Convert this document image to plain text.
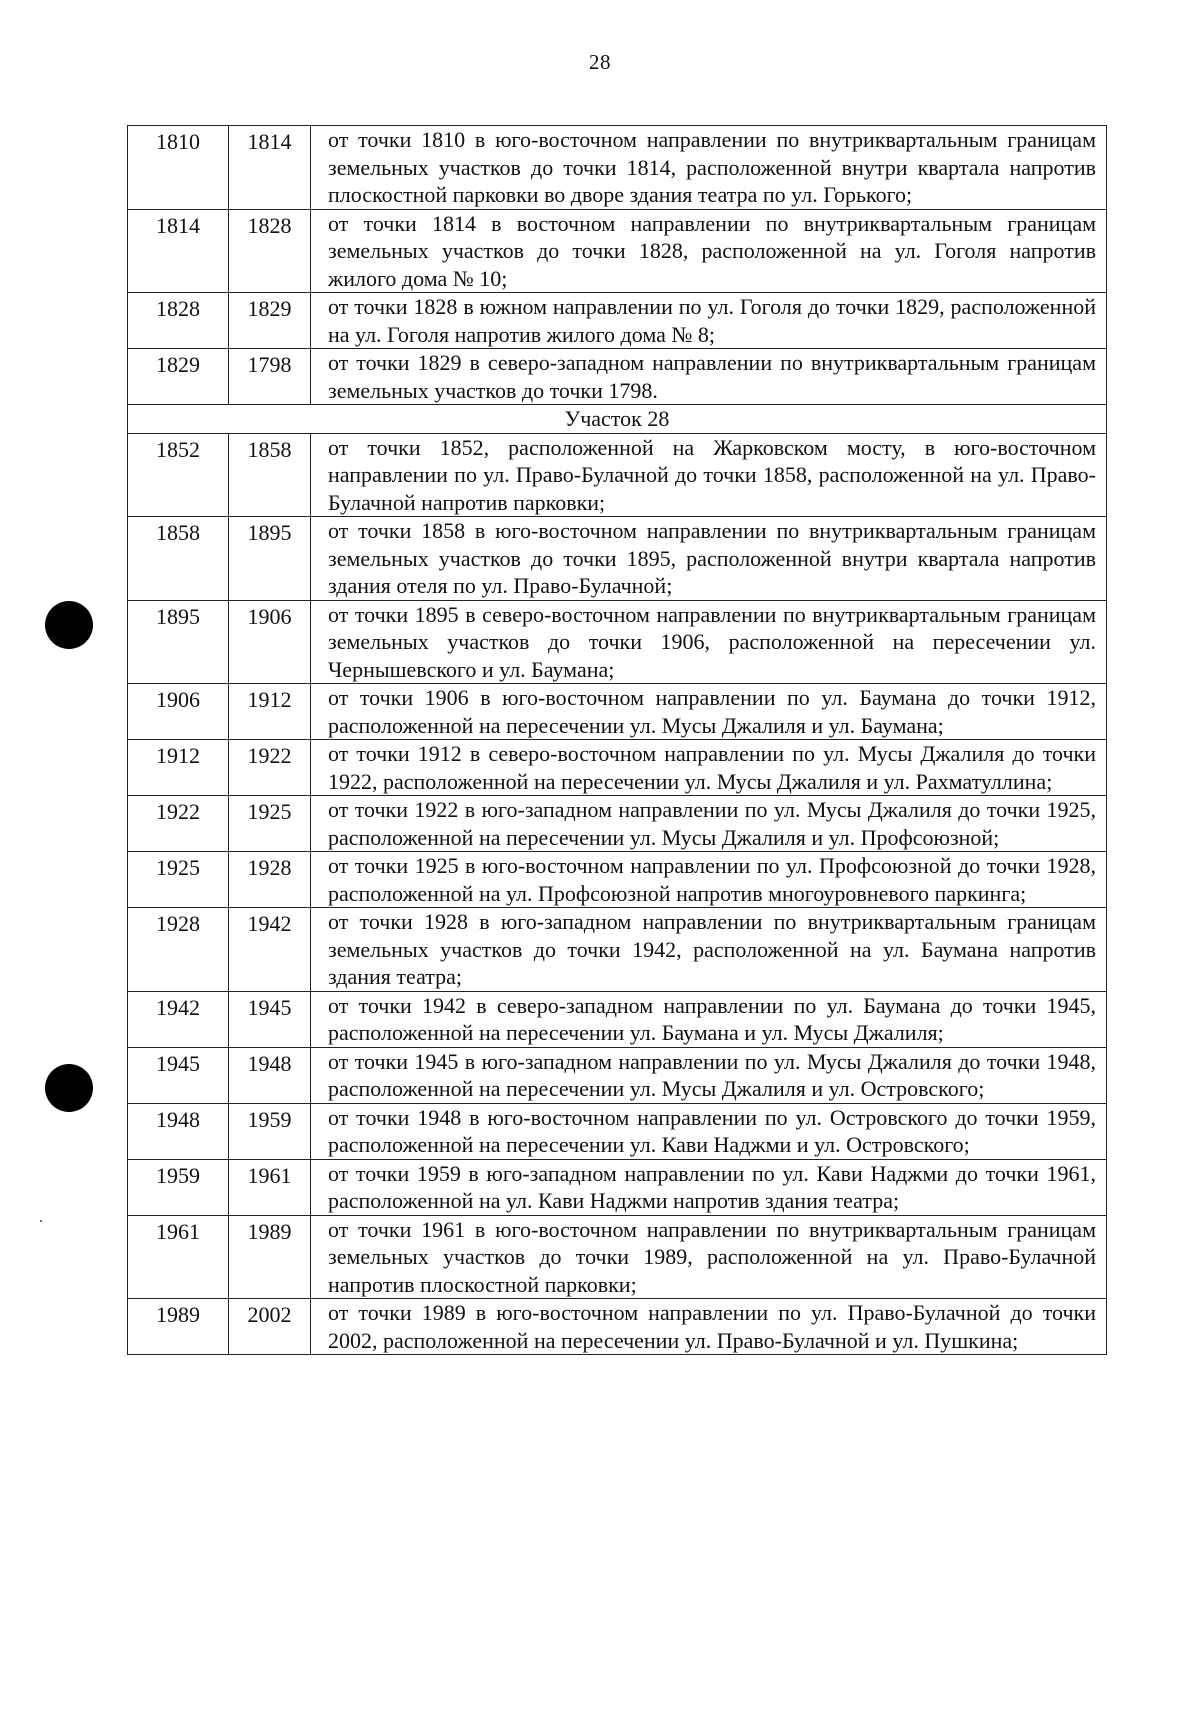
28
1810	1814	от точки 1810 в юго-восточном направлении по внутриквартальным границам земельных участков до точки 1814, расположенной внутри квартала напротив плоскостной парковки во дворе здания театра по ул. Горького;
1814	1828	от точки 1814 в восточном направлении по внутриквартальным границам земельных участков до точки 1828, расположенной на ул. Гоголя напротив жилого дома № 10;
1828	1829	от точки 1828 в южном направлении по ул. Гоголя до точки 1829, расположенной на ул. Гоголя напротив жилого дома № 8;
1829	1798	от точки 1829 в северо-западном направлении по внутриквартальным границам земельных участков до точки 1798.
Участок 28		
1852	1858	от точки 1852, расположенной на Жарковском мосту, в юго-восточном направлении по ул. Право-Булачной до точки 1858, расположенной на ул. Право-Булачной напротив парковки;
1858	1895	от точки 1858 в юго-восточном направлении по внутриквартальным границам земельных участков до точки 1895, расположенной внутри квартала напротив здания отеля по ул. Право-Булачной;
1895	1906	от точки 1895 в северо-восточном направлении по внутриквартальным границам земельных участков до точки 1906, расположенной на пересечении ул. Чернышевского и ул. Баумана;
1906	1912	от точки 1906 в юго-восточном направлении по ул. Баумана до точки 1912, расположенной на пересечении ул. Мусы Джалиля и ул. Баумана;
1912	1922	от точки 1912 в северо-восточном направлении по ул. Мусы Джалиля до точки 1922, расположенной на пересечении ул. Мусы Джалиля и ул. Рахматуллина;
1922	1925	от точки 1922 в юго-западном направлении по ул. Мусы Джалиля до точки 1925, расположенной на пересечении ул. Мусы Джалиля и ул. Профсоюзной;
1925	1928	от точки 1925 в юго-восточном направлении по ул. Профсоюзной до точки 1928, расположенной на ул. Профсоюзной напротив многоуровневого паркинга;
1928	1942	от точки 1928 в юго-западном направлении по внутриквартальным границам земельных участков до точки 1942, расположенной на ул. Баумана напротив здания театра;
1942	1945	от точки 1942 в северо-западном направлении по ул. Баумана до точки 1945, расположенной на пересечении ул. Баумана и ул. Мусы Джалиля;
1945	1948	от точки 1945 в юго-западном направлении по ул. Мусы Джалиля до точки 1948, расположенной на пересечении ул. Мусы Джалиля и ул. Островского;
1948	1959	от точки 1948 в юго-восточном направлении по ул. Островского до точки 1959, расположенной на пересечении ул. Кави Наджми и ул. Островского;
1959	1961	от точки 1959 в юго-западном направлении по ул. Кави Наджми до точки 1961, расположенной на ул. Кави Наджми напротив здания театра;
1961	1989	от точки 1961 в юго-восточном направлении по внутриквартальным границам земельных участков до точки 1989, расположенной на ул. Право-Булачной напротив плоскостной парковки;
1989	2002	от точки 1989 в юго-восточном направлении по ул. Право-Булачной до точки 2002, расположенной на пересечении ул. Право-Булачной и ул. Пушкина;
